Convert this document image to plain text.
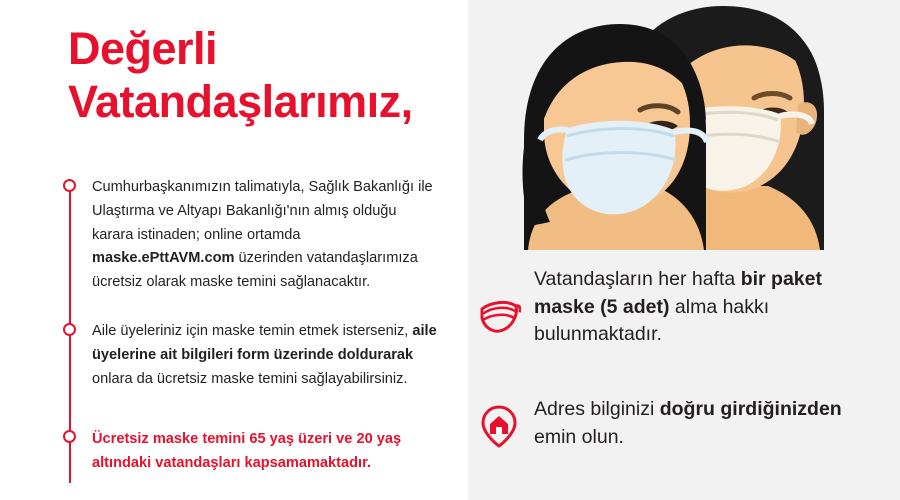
Değerli
Vatandaşlarımız,
Cumhurbaşkanımızın talimatıyla, Sağlık Bakanlığı ile Ulaştırma ve Altyapı Bakanlığı'nın almış olduğu karara istinaden; online ortamda maske.ePttAVM.com üzerinden vatandaşlarımıza ücretsiz olarak maske temini sağlanacaktır.
Aile üyeleriniz için maske temin etmek isterseniz, aile üyelerine ait bilgileri form üzerinde doldurarak onlara da ücretsiz maske temini sağlayabilirsiniz.
Ücretsiz maske temini 65 yaş üzeri ve 20 yaş altındaki vatandaşları kapsamamaktadır.
Vatandaşların her hafta bir paket maske (5 adet) alma hakkı bulunmaktadır.
Adres bilginizi doğru girdiğinizden emin olun.
